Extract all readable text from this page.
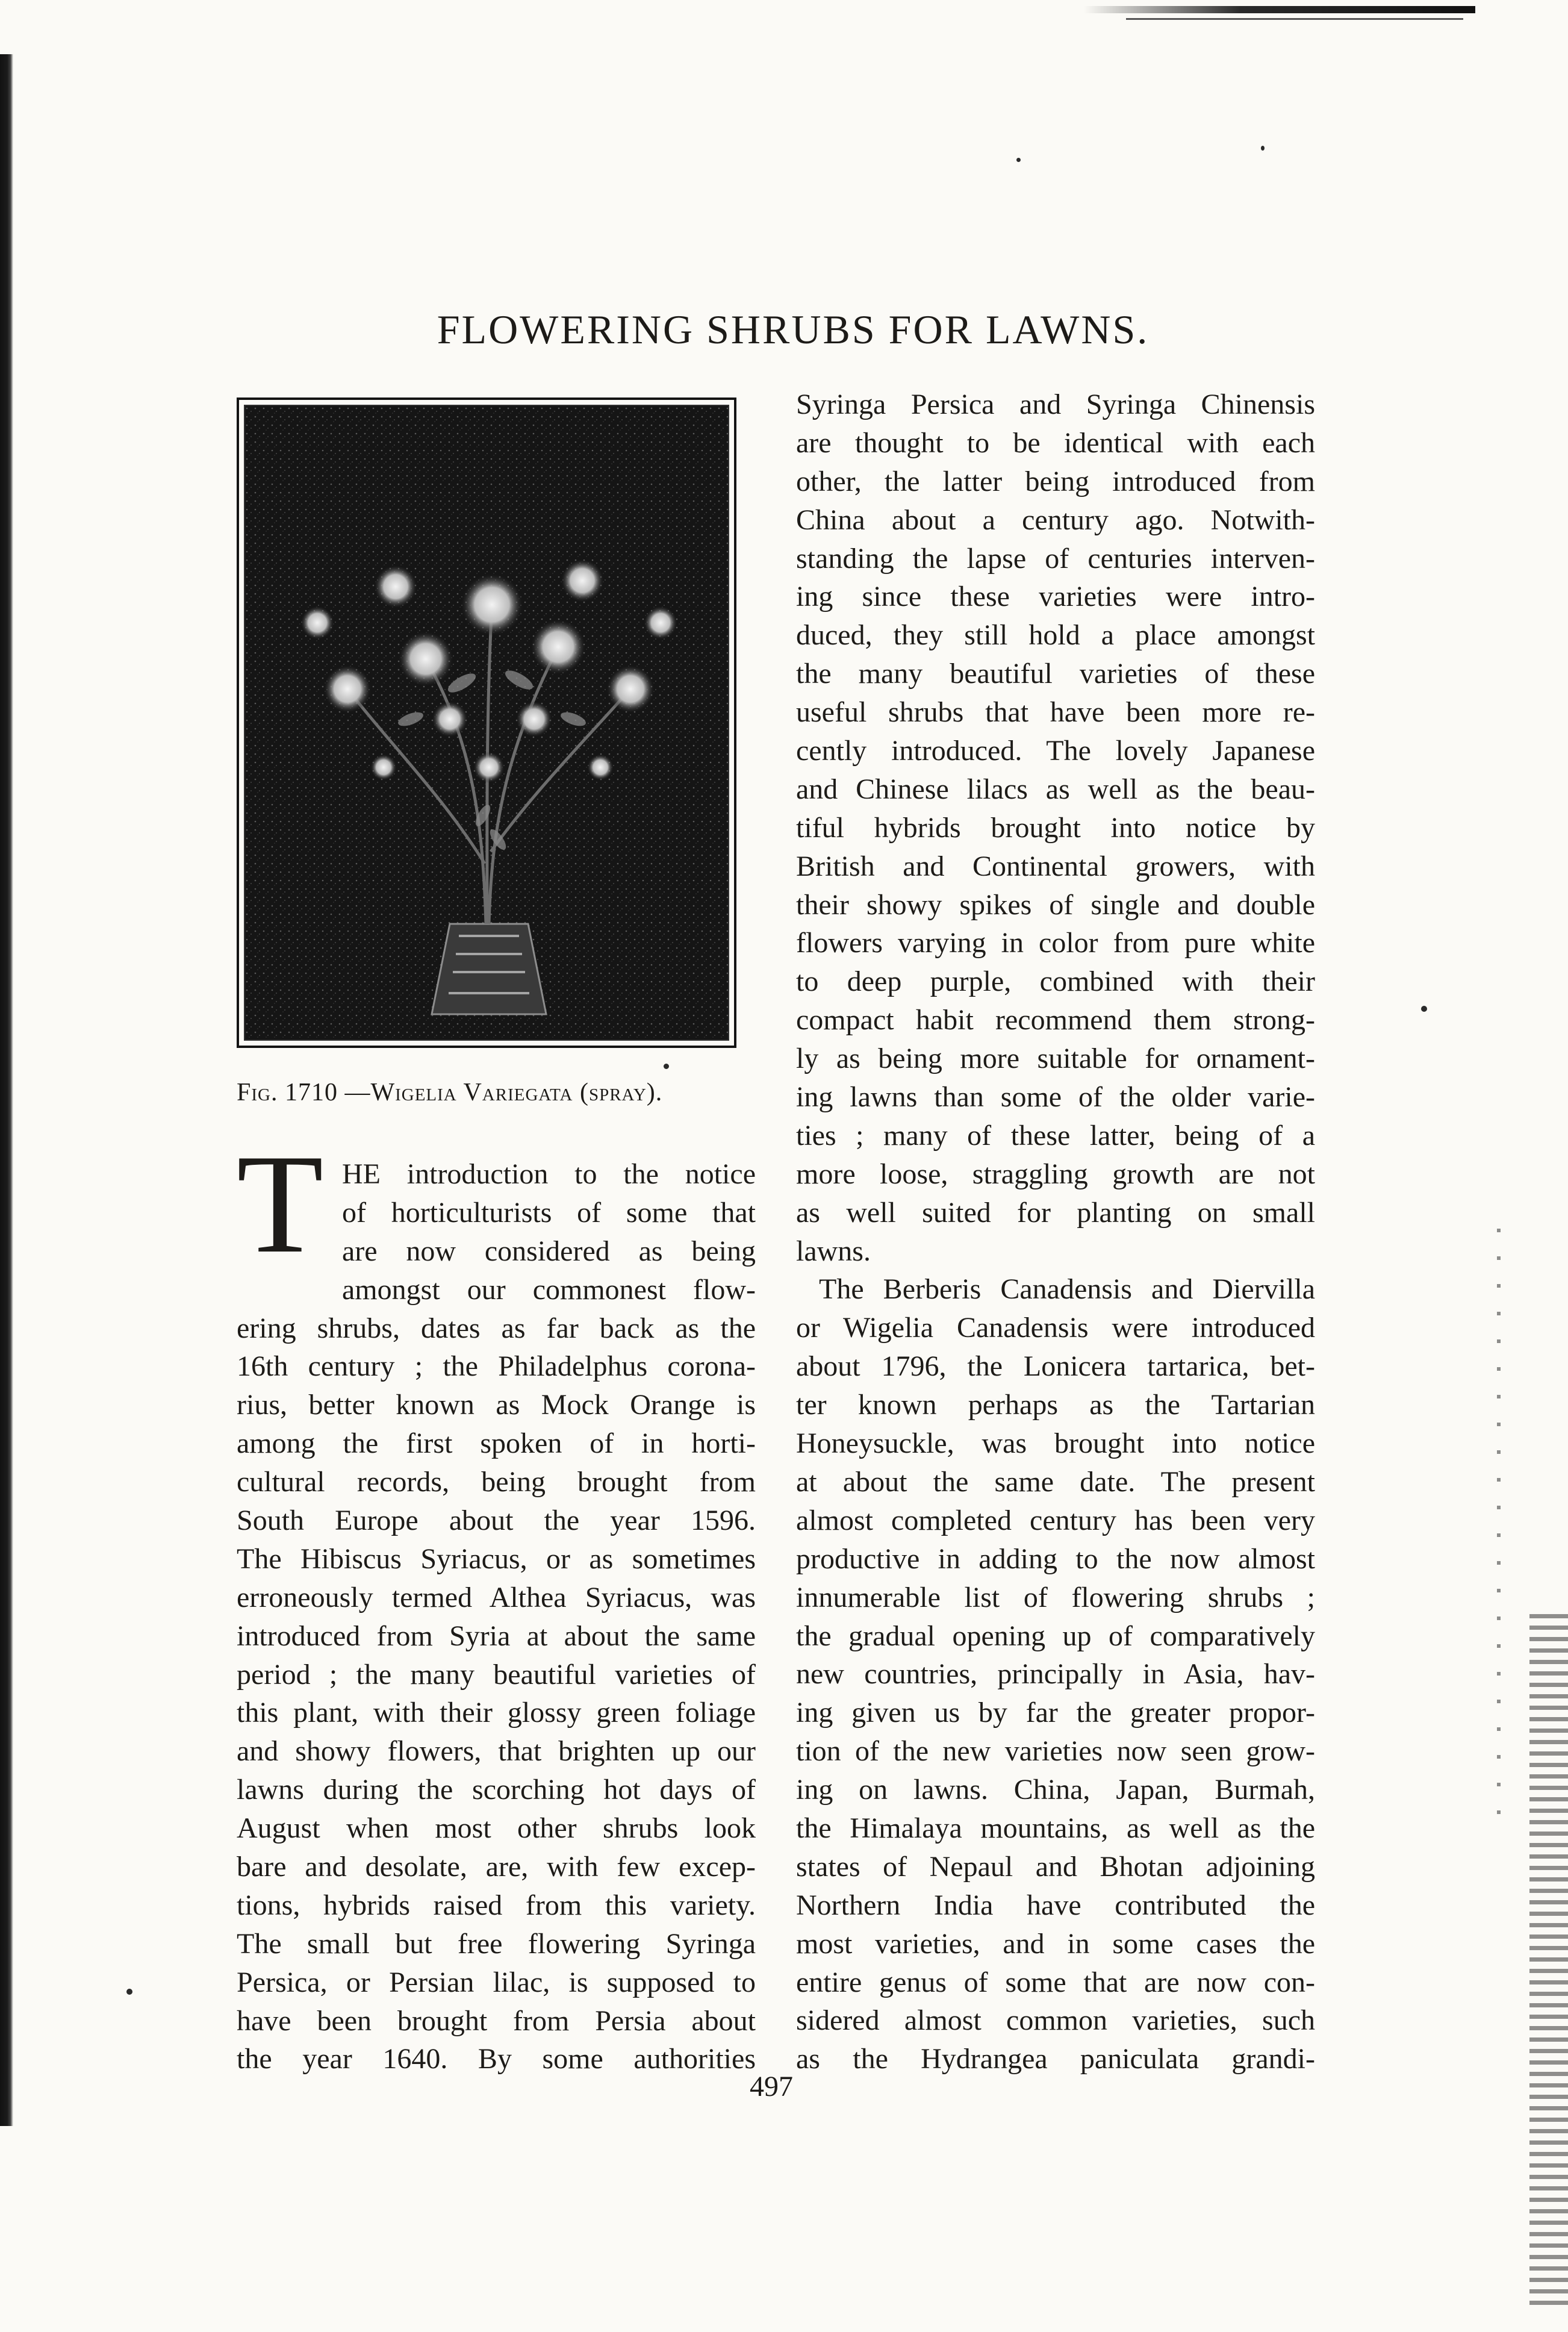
FLOWERING SHRUBS FOR LAWNS.
Fig. 1710 —Wigelia Variegata (spray).
T HE introduction to the notice
of horticulturists of some that
are now considered as being
amongst our commonest flow-
ering shrubs, dates as far back as the
16th century ; the Philadelphus corona-
rius, better known as Mock Orange is
among the first spoken of in horti-
cultural records, being brought from
South Europe about the year 1596.
The Hibiscus Syriacus, or as sometimes
erroneously termed Althea Syriacus, was
introduced from Syria at about the same
period ; the many beautiful varieties of
this plant, with their glossy green foliage
and showy flowers, that brighten up our
lawns during the scorching hot days of
August when most other shrubs look
bare and desolate, are, with few excep-
tions, hybrids raised from this variety.
The small but free flowering Syringa
Persica, or Persian lilac, is supposed to
have been brought from Persia about
the year 1640. By some authorities
Syringa Persica and Syringa Chinensis
are thought to be identical with each
other, the latter being introduced from
China about a century ago. Notwith-
standing the lapse of centuries interven-
ing since these varieties were intro-
duced, they still hold a place amongst
the many beautiful varieties of these
useful shrubs that have been more re-
cently introduced. The lovely Japanese
and Chinese lilacs as well as the beau-
tiful hybrids brought into notice by
British and Continental growers, with
their showy spikes of single and double
flowers varying in color from pure white
to deep purple, combined with their
compact habit recommend them strong-
ly as being more suitable for ornament-
ing lawns than some of the older varie-
ties ; many of these latter, being of a
more loose, straggling growth are not
as well suited for planting on small
lawns.
The Berberis Canadensis and Diervilla
or Wigelia Canadensis were introduced
about 1796, the Lonicera tartarica, bet-
ter known perhaps as the Tartarian
Honeysuckle, was brought into notice
at about the same date. The present
almost completed century has been very
productive in adding to the now almost
innumerable list of flowering shrubs ;
the gradual opening up of comparatively
new countries, principally in Asia, hav-
ing given us by far the greater propor-
tion of the new varieties now seen grow-
ing on lawns. China, Japan, Burmah,
the Himalaya mountains, as well as the
states of Nepaul and Bhotan adjoining
Northern India have contributed the
most varieties, and in some cases the
entire genus of some that are now con-
sidered almost common varieties, such
as the Hydrangea paniculata grandi-
497
